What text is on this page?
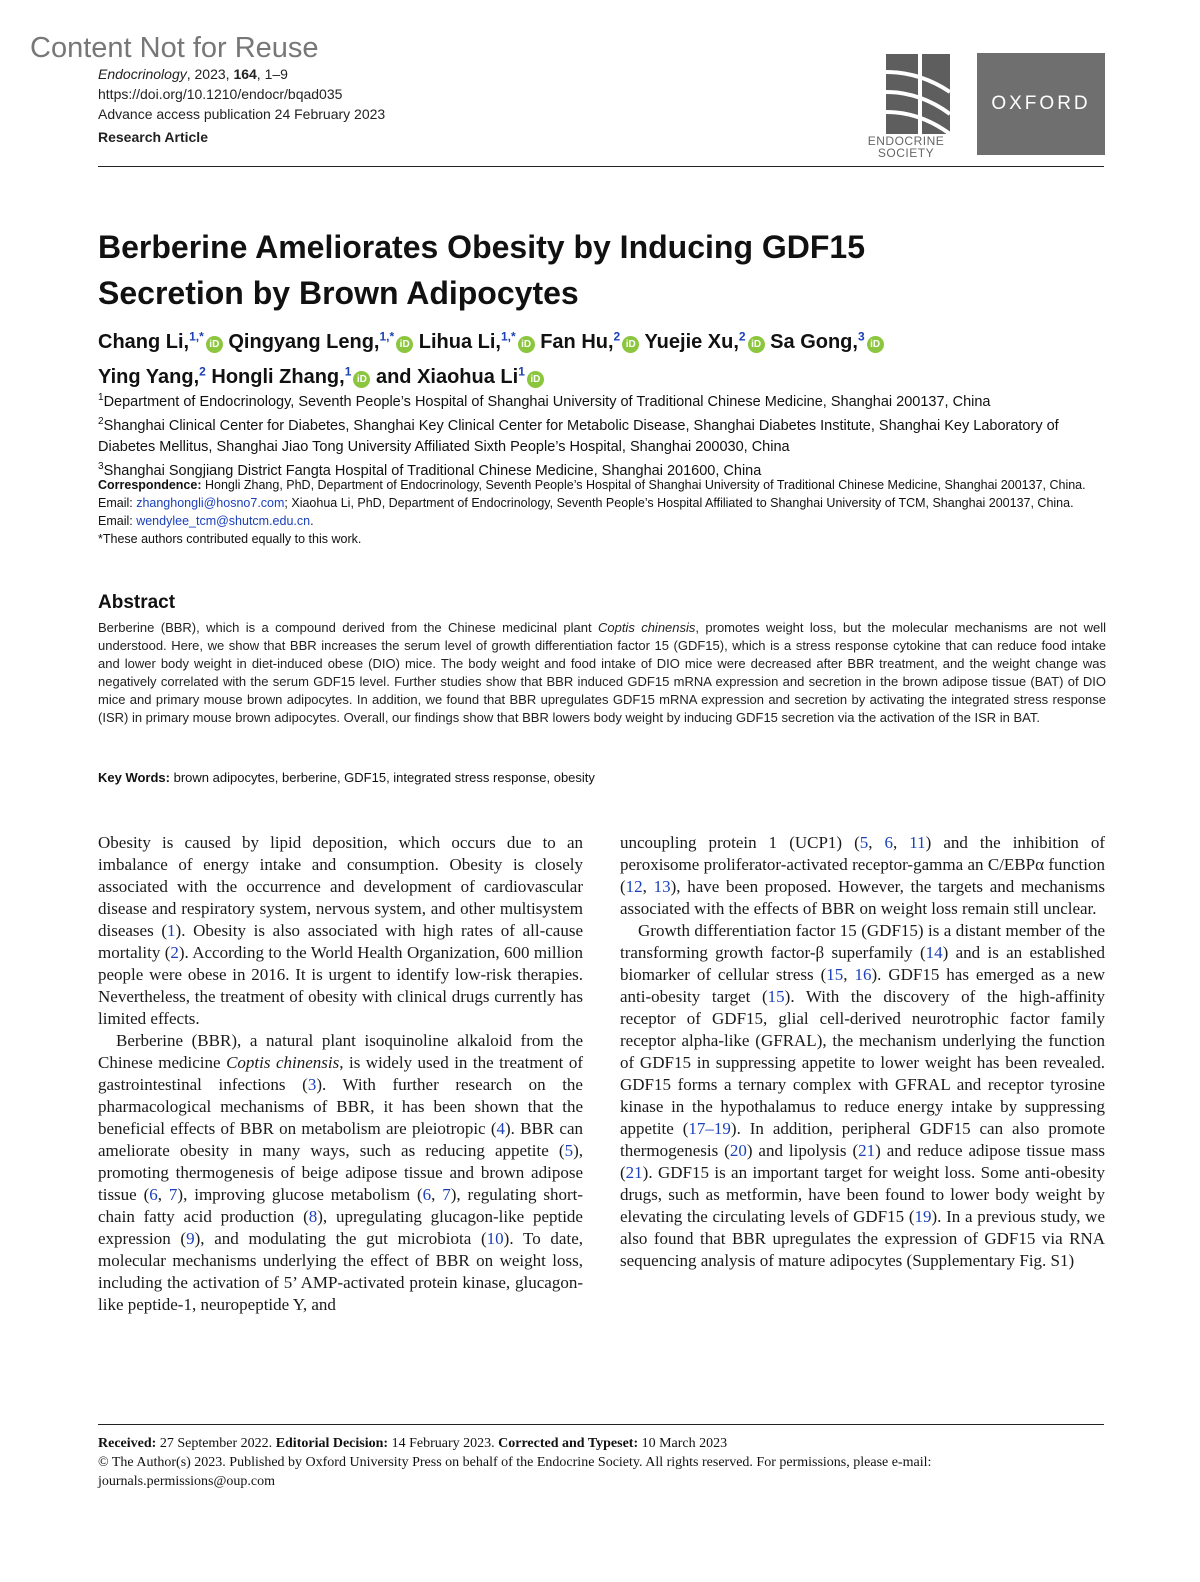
Content Not for Reuse
Endocrinology, 2023, 164, 1–9
https://doi.org/10.1210/endocr/bqad035
Advance access publication 24 February 2023
Research Article	ENDOCRINE
SOCIETY
OXFORD
Berberine Ameliorates Obesity by Inducing GDF15
Secretion by Brown Adipocytes
Chang Li,$^{1,*}$iD Qingyang Leng,$^{1,*}$iD Lihua Li,$^{1,*}$iD Fan Hu,$^2$iD Yuejie Xu,$^2$iD Sa Gong,$^3$iD
Ying Yang,$^2$ Hongli Zhang,$^1$iD and Xiaohua Li$^1$iD
$^1$Department of Endocrinology, Seventh People’s Hospital of Shanghai University of Traditional Chinese Medicine, Shanghai 200137, China
$^2$Shanghai Clinical Center for Diabetes, Shanghai Key Clinical Center for Metabolic Disease, Shanghai Diabetes Institute, Shanghai Key Laboratory of Diabetes Mellitus, Shanghai Jiao Tong University Affiliated Sixth People’s Hospital, Shanghai 200030, China
$^3$Shanghai Songjiang District Fangta Hospital of Traditional Chinese Medicine, Shanghai 201600, China
Correspondence: Hongli Zhang, PhD, Department of Endocrinology, Seventh People’s Hospital of Shanghai University of Traditional Chinese Medicine, Shanghai 200137, China. Email: zhanghongli@hosno7.com; Xiaohua Li, PhD, Department of Endocrinology, Seventh People’s Hospital Affiliated to Shanghai University of TCM, Shanghai 200137, China. Email: wendylee_tcm@shutcm.edu.cn.
*These authors contributed equally to this work.
Abstract
Berberine (BBR), which is a compound derived from the Chinese medicinal plant Coptis chinensis, promotes weight loss, but the molecular mechanisms are not well understood. Here, we show that BBR increases the serum level of growth differentiation factor 15 (GDF15), which is a stress response cytokine that can reduce food intake and lower body weight in diet-induced obese (DIO) mice. The body weight and food intake of DIO mice were decreased after BBR treatment, and the weight change was negatively correlated with the serum GDF15 level. Further studies show that BBR induced GDF15 mRNA expression and secretion in the brown adipose tissue (BAT) of DIO mice and primary mouse brown adipocytes. In addition, we found that BBR upregulates GDF15 mRNA expression and secretion by activating the integrated stress response (ISR) in primary mouse brown adipocytes. Overall, our findings show that BBR lowers body weight by inducing GDF15 secretion via the activation of the ISR in BAT.
Key Words: brown adipocytes, berberine, GDF15, integrated stress response, obesity

Obesity is caused by lipid deposition, which occurs due to an imbalance of energy intake and consumption. Obesity is closely associated with the occurrence and development of cardiovascular disease and respiratory system, nervous system, and other multisystem diseases (1). Obesity is also associated with high rates of all-cause mortality (2). According to the World Health Organization, 600 million people were obese in 2016. It is urgent to identify low-risk therapies. Nevertheless, the treatment of obesity with clinical drugs currently has limited effects.

Berberine (BBR), a natural plant isoquinoline alkaloid from the Chinese medicine Coptis chinensis, is widely used in the treatment of gastrointestinal infections (3). With further research on the pharmacological mechanisms of BBR, it has been shown that the beneficial effects of BBR on metabolism are pleiotropic (4). BBR can ameliorate obesity in many ways, such as reducing appetite (5), promoting thermogenesis of beige adipose tissue and brown adipose tissue (6, 7), improving glucose metabolism (6, 7), regulating short-chain fatty acid production (8), upregulating glucagon-like peptide expression (9), and modulating the gut microbiota (10). To date, molecular mechanisms underlying the effect of BBR on weight loss, including the activation of 5’ AMP-activated protein kinase, glucagon-like peptide-1, neuropeptide Y, and

uncoupling protein 1 (UCP1) (5, 6, 11) and the inhibition of peroxisome proliferator-activated receptor-gamma an C/EBPα function (12, 13), have been proposed. However, the targets and mechanisms associated with the effects of BBR on weight loss remain still unclear.

Growth differentiation factor 15 (GDF15) is a distant member of the transforming growth factor-β superfamily (14) and is an established biomarker of cellular stress (15, 16). GDF15 has emerged as a new anti-obesity target (15). With the discovery of the high-affinity receptor of GDF15, glial cell-derived neurotrophic factor family receptor alpha-like (GFRAL), the mechanism underlying the function of GDF15 in suppressing appetite to lower weight has been revealed. GDF15 forms a ternary complex with GFRAL and receptor tyrosine kinase in the hypothalamus to reduce energy intake by suppressing appetite (17–19). In addition, peripheral GDF15 can also promote thermogenesis (20) and lipolysis (21) and reduce adipose tissue mass (21). GDF15 is an important target for weight loss. Some anti-obesity drugs, such as metformin, have been found to lower body weight by elevating the circulating levels of GDF15 (19). In a previous study, we also found that BBR upregulates the expression of GDF15 via RNA sequencing analysis of mature adipocytes (Supplementary Fig. S1)

Received: 27 September 2022. Editorial Decision: 14 February 2023. Corrected and Typeset: 10 March 2023
© The Author(s) 2023. Published by Oxford University Press on behalf of the Endocrine Society. All rights reserved. For permissions, please e-mail: journals.permissions@oup.com
